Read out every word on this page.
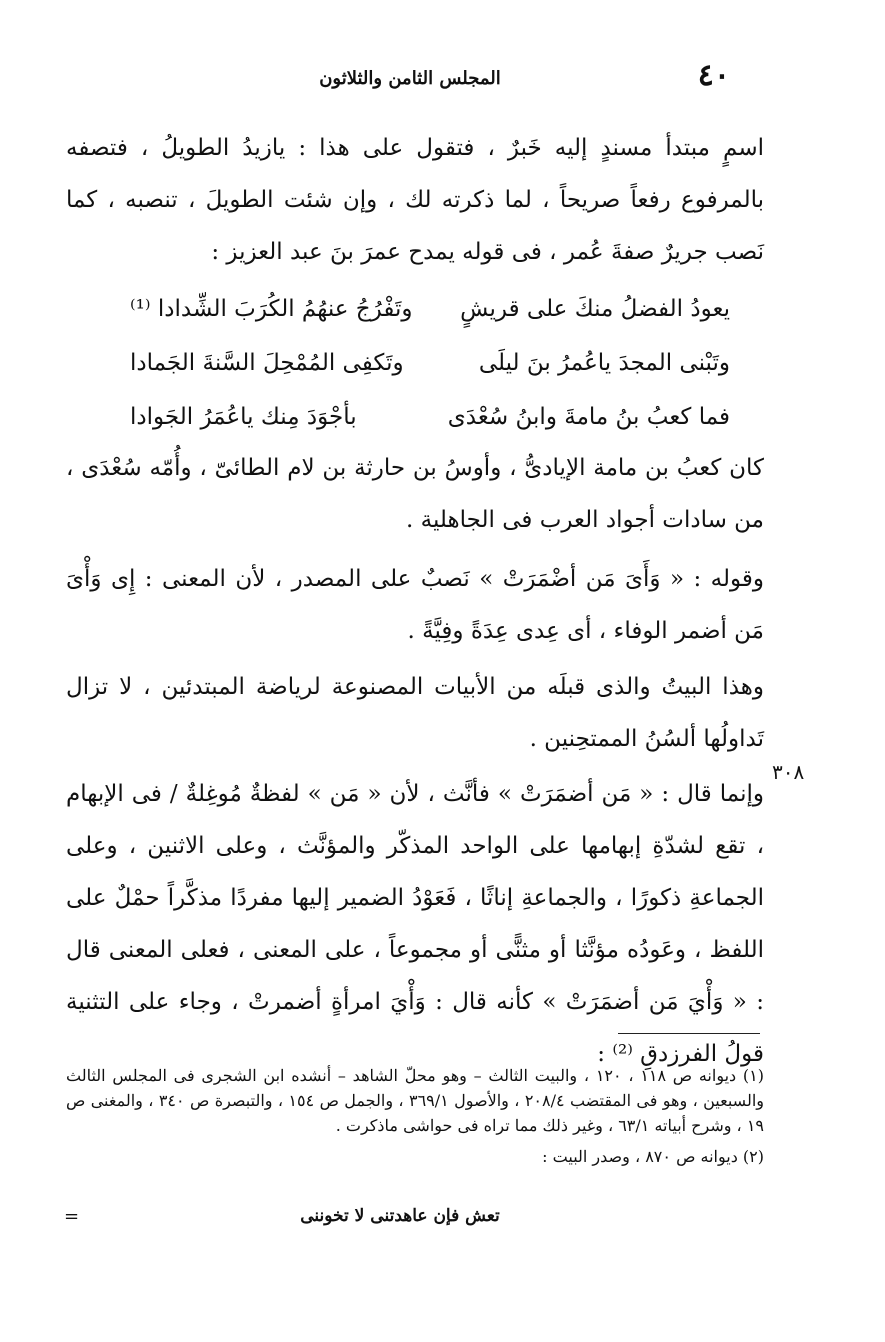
٤٠
المجلس الثامن والثلاثون
اسمٍ مبتدأ مسندٍ إليه خَبرٌ ، فتقول على هذا : يازيدُ الطويلُ ، فتصفه بالمرفوع رفعاً صريحاً ، لما ذكرته لك ، وإن شئت الطويلَ ، تنصبه ، كما نَصب جريرٌ صفةَ عُمر ، فى قوله يمدح عمرَ بنَ عبد العزيز :
يعودُ الفضلُ منكَ على قريشٍ
وتَفْرُجُ عنهُمُ الكُرَبَ الشِّدادا ⁽¹⁾
وتَبْنى المجدَ ياعُمرُ بنَ ليلَى
وتَكفِى المُمْحِلَ السَّنةَ الجَمادا
فما كعبُ بنُ مامةَ وابنُ سُعْدَى
بأجْوَدَ مِنك ياعُمَرُ الجَوادا
كان كعبُ بن مامة الإيادىُّ ، وأوسُ بن حارثة بن لام الطائىّ ، وأُمّه سُعْدَى ، من سادات أجواد العرب فى الجاهلية .
وقوله : « وَأَىَ مَن أضْمَرَتْ » نَصبٌ على المصدر ، لأن المعنى : إِى وَأْىَ مَن أضمر الوفاء ، أى عِدى عِدَةً وفِيَّةً .
وهذا البيتُ والذى قبلَه من الأبيات المصنوعة لرياضة المبتدئين ، لا تزال تَداولُها ألسُنُ الممتحِنين .
٣٠٨
وإنما قال : « مَن أضمَرَتْ » فأنَّث ، لأن « مَن » لفظةٌ مُوغِلةٌ / فى الإبهام ، تقع لشدّةِ إبهامها على الواحد المذكّر والمؤنَّث ، وعلى الاثنين ، وعلى الجماعةِ ذكورًا ، والجماعةِ إناثًا ، فَعَوْدُ الضمير إليها مفردًا مذكَّراً حمْلٌ على اللفظ ، وعَودُه مؤنَّثا أو مثنًّى أو مجموعاً ، على المعنى ، فعلى المعنى قال : « وَأْيَ مَن أضمَرَتْ » كأنه قال : وَأْيَ امرأةٍ أضمرتْ ، وجاء على التثنية قولُ الفرزدقِ ⁽²⁾ :

(١) ديوانه ص ١١٨ ، ١٢٠ ، والبيت الثالث – وهو محلّ الشاهد – أنشده ابن الشجرى فى المجلس الثالث والسبعين ، وهو فى المقتضب ٢٠٨/٤ ، والأصول ٣٦٩/١ ، والجمل ص ١٥٤ ، والتبصرة ص ٣٤٠ ، والمغنى ص ١٩ ، وشرح أبياته ٦٣/١ ، وغير ذلك مما تراه فى حواشى ماذكرت .

(٢) ديوانه ص ٨٧٠ ، وصدر البيت :

تعش فإن عاهدتنى لا تخوننى
=
